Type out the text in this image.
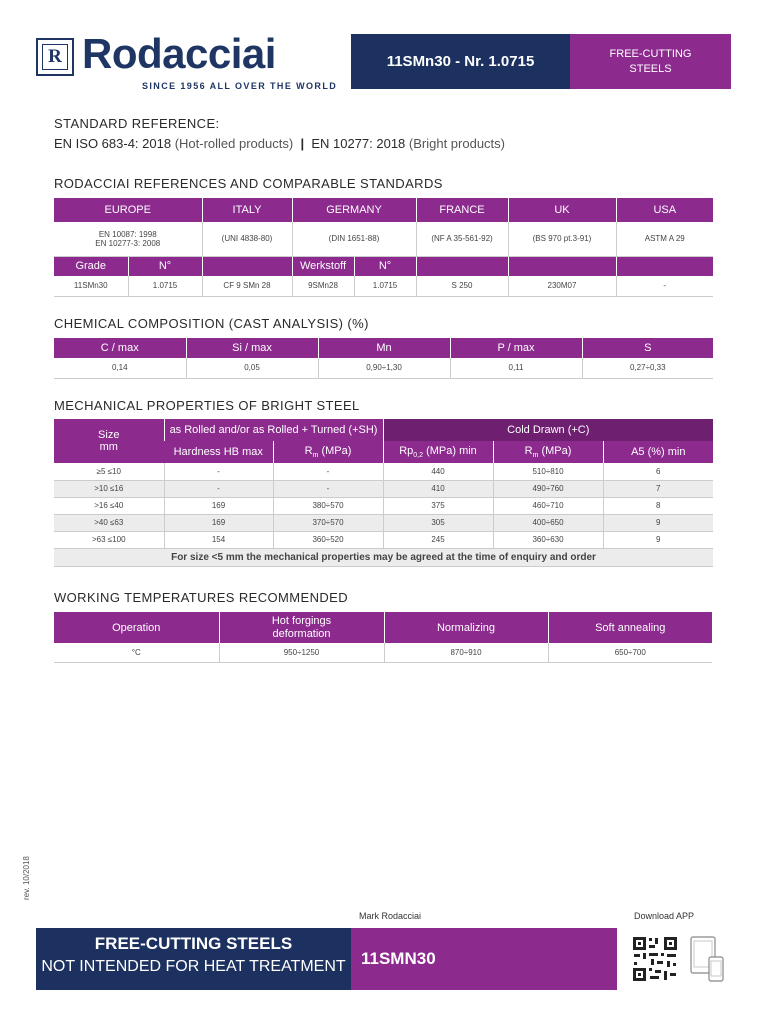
R Rodacciai
SINCE 1956 ALL OVER THE WORLD
11SMn30 - Nr. 1.0715	FREE-CUTTING
STEELS
STANDARD REFERENCE:
EN ISO 683-4: 2018 (Hot-rolled products) | EN 10277: 2018 (Bright products)
RODACCIAI REFERENCES AND COMPARABLE STANDARDS
EUROPE		ITALY	GERMANY		FRANCE	UK	USA
EN 10087: 1998
EN 10277-3: 2008		(UNI 4838-80)	(DIN 1651-88)		(NF A 35-561-92)	(BS 970 pt.3-91)	ASTM A 29
Grade	N°		Werkstoff	N°			
11SMn30	1.0715	CF 9 SMn 28	9SMn28	1.0715	S 250	230M07	-
CHEMICAL COMPOSITION (CAST ANALYSIS) (%)
C / max	Si / max	Mn	P / max	S
0,14	0,05	0,90÷1,30	0,11	0,27÷0,33
MECHANICAL PROPERTIES OF BRIGHT STEEL
Size
mm	as Rolled and/or as Rolled + Turned (+SH)		Cold Drawn (+C)		
	Hardness HB max	$R_m$ (MPa)	$Rp_{0,2}$ (MPa) min	$R_m$ (MPa)	A5 (%) min
≥5 ≤10	-	-	440	510÷810	6
>10 ≤16	-	-	410	490÷760	7
>16 ≤40	169	380÷570	375	460÷710	8
>40 ≤63	169	370÷570	305	400÷650	9
>63 ≤100	154	360÷520	245	360÷630	9
For size <5 mm the mechanical properties may be agreed at the time of enquiry and order					
WORKING TEMPERATURES RECOMMENDED
Operation	Hot forgings
deformation	Normalizing	Soft annealing
°C	950÷1250	870÷910	650÷700
rev. 10/2018
Mark Rodacciai	Download APP
FREE-CUTTING STEELS
NOT INTENDED FOR HEAT TREATMENT 11SMN30
